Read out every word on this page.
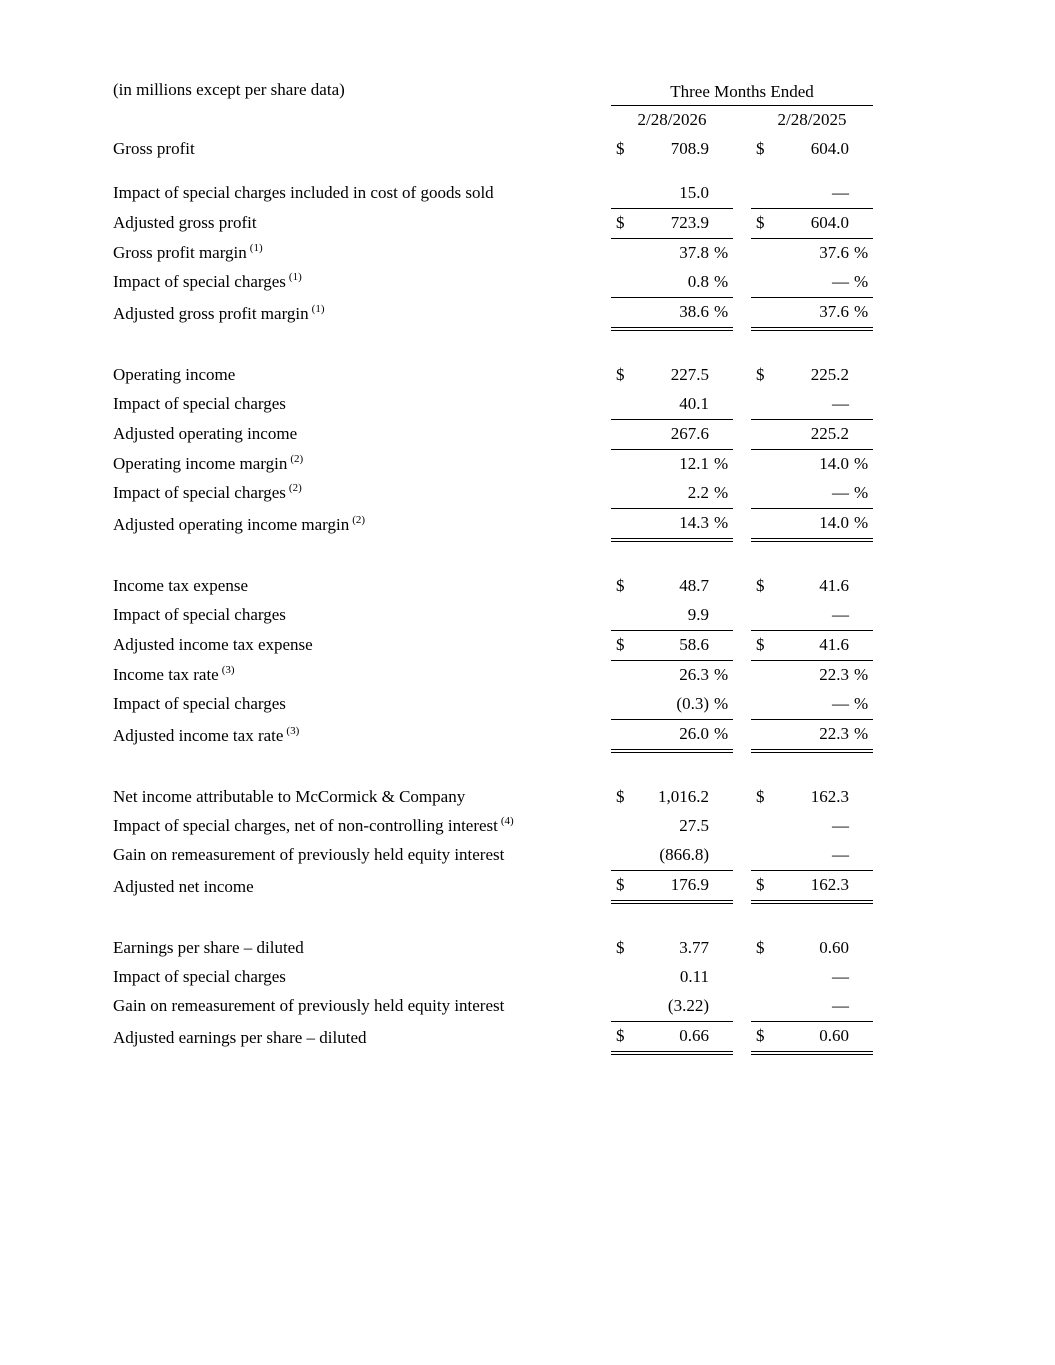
(in millions except per share data)	Three Months Ended						
	2/28/2026				2/28/2025		
Gross profit	$	708.9			$	604.0	
Impact of special charges included in cost of goods sold		15.0				—	
Adjusted gross profit	$	723.9			$	604.0	
Gross profit margin $^{(1)}$		37.8	%			37.6	%
Impact of special charges $^{(1)}$		0.8	%			—	%
Adjusted gross profit margin $^{(1)}$		38.6	%			37.6	%
Operating income	$	227.5			$	225.2	
Impact of special charges		40.1				—	
Adjusted operating income		267.6				225.2	
Operating income margin $^{(2)}$		12.1	%			14.0	%
Impact of special charges $^{(2)}$		2.2	%			—	%
Adjusted operating income margin $^{(2)}$		14.3	%			14.0	%
Income tax expense	$	48.7			$	41.6	
Impact of special charges		9.9				—	
Adjusted income tax expense	$	58.6			$	41.6	
Income tax rate $^{(3)}$		26.3	%			22.3	%
Impact of special charges		(0.3)	%			—	%
Adjusted income tax rate $^{(3)}$		26.0	%			22.3	%
Net income attributable to McCormick & Company	$	1,016.2			$	162.3	
Impact of special charges, net of non-controlling interest $^{(4)}$		27.5				—	
Gain on remeasurement of previously held equity interest		(866.8)				—	
Adjusted net income	$	176.9			$	162.3	
Earnings per share – diluted	$	3.77			$	0.60	
Impact of special charges		0.11				—	
Gain on remeasurement of previously held equity interest		(3.22)				—	
Adjusted earnings per share – diluted	$	0.66			$	0.60	
